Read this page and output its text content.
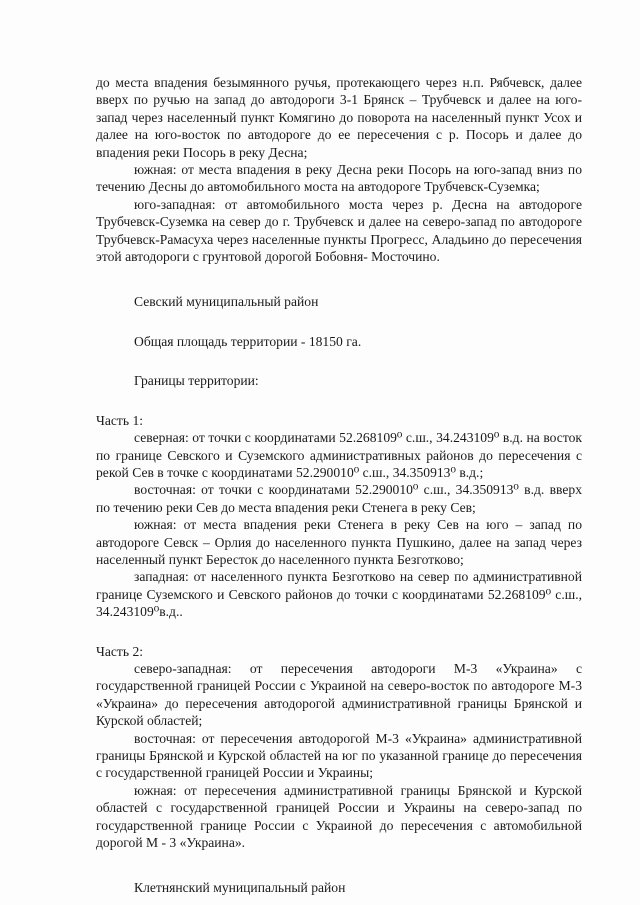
до места впадения безымянного ручья, протекающего через н.п. Рябчевск, далее вверх по ручью на запад до автодороги 3-1 Брянск – Трубчевск и далее на юго-запад через населенный пункт Комягино до поворота на населенный пункт Усох и далее на юго-восток по автодороге до ее пересечения с р. Посорь и далее до впадения реки Посорь в реку Десна;

южная: от места впадения в реку Десна реки Посорь на юго-запад вниз по течению Десны до автомобильного моста на автодороге Трубчевск-Суземка;

юго-западная: от автомобильного моста через р. Десна на автодороге Трубчевск-Суземка на север до г. Трубчевск и далее на северо-запад по автодороге Трубчевск-Рамасуха через населенные пункты Прогресс, Аладьино до пересечения этой автодороги с грунтовой дорогой Бобовня- Мосточино.

Севский муниципальный район

Общая площадь территории - 18150 га.

Границы территории:

Часть 1:

северная: от точки с координатами 52.268109⁰ с.ш., 34.243109⁰ в.д. на восток по границе Севского и Суземского административных районов до пересечения с рекой Сев в точке с координатами 52.290010⁰ с.ш., 34.350913⁰ в.д.;

восточная: от точки с координатами 52.290010⁰ с.ш., 34.350913⁰ в.д. вверх по течению реки Сев до места впадения реки Стенега в реку Сев;

южная: от места впадения реки Стенега в реку Сев на юго – запад по автодороге Севск – Орлия до населенного пункта Пушкино, далее на запад через населенный пункт Бересток до населенного пункта Безготково;

западная: от населенного пункта Безготково на север по административной границе Суземского и Севского районов до точки с координатами 52.268109⁰ с.ш., 34.243109⁰в.д..

Часть 2:

северо-западная: от пересечения автодороги М-3 «Украина» с государственной границей России с Украиной на северо-восток по автодороге М-3 «Украина» до пересечения автодорогой административной границы Брянской и Курской областей;

восточная: от пересечения автодорогой М-3 «Украина» административной границы Брянской и Курской областей на юг по указанной границе до пересечения с государственной границей России и Украины;

южная: от пересечения административной границы Брянской и Курской областей с государственной границей России и Украины на северо-запад по государственной границе России с Украиной до пересечения с автомобильной дорогой М - 3 «Украина».

Клетнянский муниципальный район
